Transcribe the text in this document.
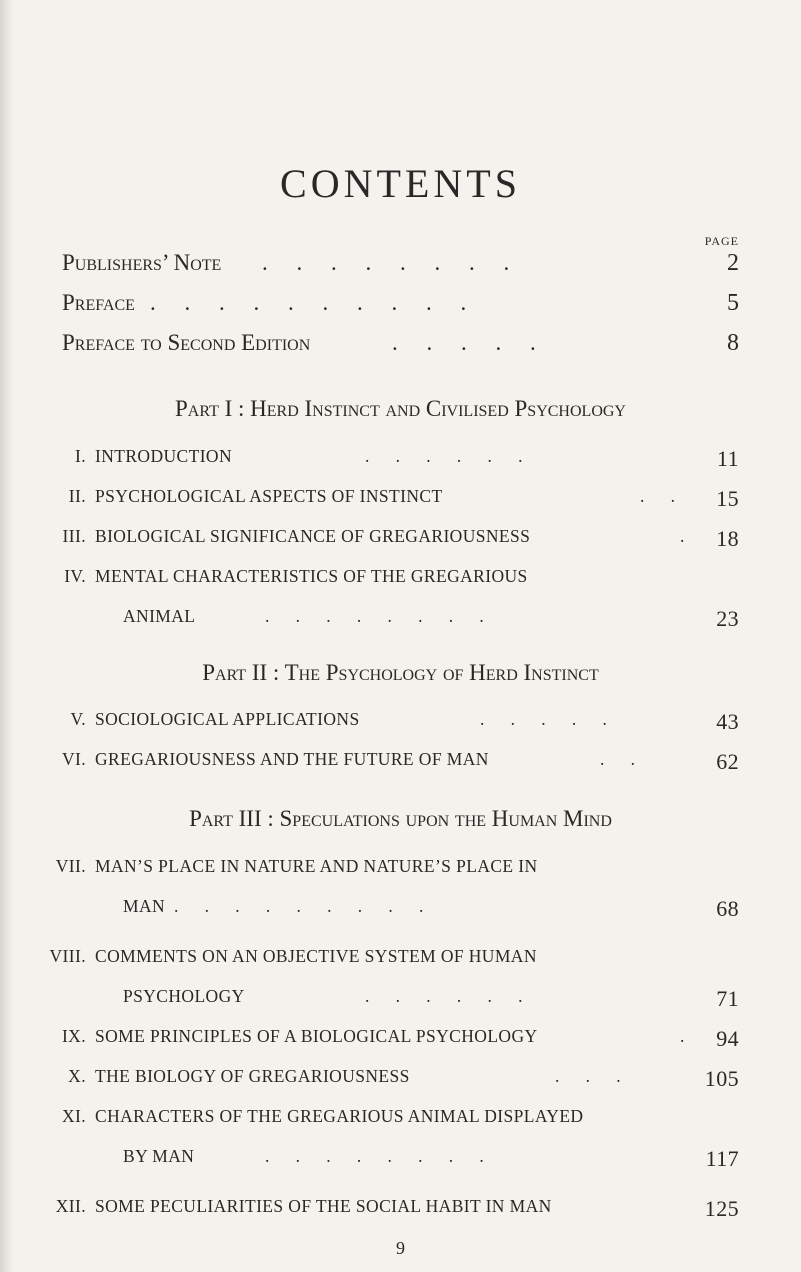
CONTENTS
PAGE
Publishers’ Note .     .     .     .     .     .     .     .	2
Preface .     .     .     .     .     .     .     .     .     .	5
Preface to Second Edition	.     .     .     .     .	8
Part I : Herd Instinct and Civilised Psychology
I. INTRODUCTION	.      .      .      .      .      .	11
II. PSYCHOLOGICAL ASPECTS OF INSTINCT	.      . 15
III. BIOLOGICAL SIGNIFICANCE OF GREGARIOUSNESS	. 18
IV. MENTAL CHARACTERISTICS OF THE GREGARIOUS
ANIMAL	.      .      .      .      .      .      .      .	23
Part II : The Psychology of Herd Instinct
V. SOCIOLOGICAL APPLICATIONS	.      .      .      .      .	43
VI. GREGARIOUSNESS AND THE FUTURE OF MAN	.      .	62
Part III : Speculations upon the Human Mind
VII. MAN’S PLACE IN NATURE AND NATURE’S PLACE IN
MAN .      .      .      .      .      .      .      .      .	68
VIII. COMMENTS ON AN OBJECTIVE SYSTEM OF HUMAN
PSYCHOLOGY	.      .      .      .      .      .	71
IX. SOME PRINCIPLES OF A BIOLOGICAL PSYCHOLOGY	. 94
X. THE BIOLOGY OF GREGARIOUSNESS	.      .      .	105
XI. CHARACTERS OF THE GREGARIOUS ANIMAL DISPLAYED
BY MAN	.      .      .      .      .      .      .      .	117
XII. SOME PECULIARITIES OF THE SOCIAL HABIT IN MAN	125
9
